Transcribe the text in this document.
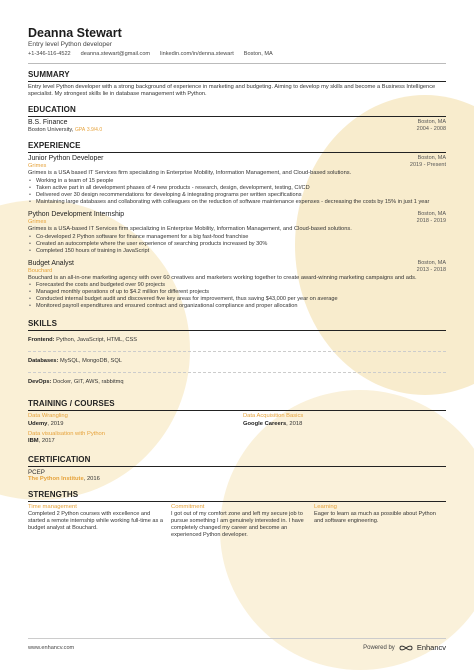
Deanna Stewart
Entry level Python developer
+1-346-116-4522 deanna.stewart@gmail.com linkedin.com/in/denna.stewart Boston, MA
SUMMARY
Entry level Python developer with a strong background of experience in marketing and budgeting. Aiming to develop my skills and become a Business Intelligence specialist. My strongest skills lie in database management with Python.
EDUCATION
B.S. Finance
Boston University, GPA 3.9/4.0
Boston, MA
2004 - 2008
EXPERIENCE
Junior Python Developer
Grimes
Boston, MA
2019 - Present
Grimes is a USA based IT Services firm specializing in Enterprise Mobility, Information Management, and Cloud-based solutions.
• Working in a team of 15 people
• Taken active part in all development phases of 4 new products - research, design, development, testing, CI/CD
• Delivered over 30 design recommendations for developing & integrating programs per written specifications
• Maintaining large databases and collaborating with colleagues on the reduction of software maintenance expenses - decreasing the costs by 15% in just 1 year
Python Development Internship
Grimes
Boston, MA
2018 - 2019
Grimes is a USA-based IT Services firm specializing in Enterprise Mobility, Information Management, and Cloud-based solutions.
• Co-developed 2 Python software for finance management for a big fast-food franchise
• Created an autocomplete where the user experience of searching products increased by 30%
• Completed 150 hours of training in JavaScript
Budget Analyst
Bouchard
Boston, MA
2013 - 2018
Bouchard is an all-in-one marketing agency with over 60 creatives and marketers working together to create award-winning marketing campaigns and ads.
• Forecasted the costs and budgeted over 90 projects
• Managed monthly operations of up to $4.2 million for different projects
• Conducted internal budget audit and discovered five key areas for improvement, thus saving $43,000 per year on average
• Monitored payroll expenditures and ensured contract and organizational compliance and proper allocation
SKILLS
Frontend: Python, JavaScript, HTML, CSS
Databases: MySQL, MongoDB, SQL
DevOps: Docker, GIT, AWS, rabbitmq
TRAINING / COURSES
Data Wrangling
Udemy, 2019
Data Acquisition Basics
Google Careers, 2018
Data visualisation with Python
IBM, 2017
CERTIFICATION
PCEP
The Python Institute, 2016
STRENGTHS
Time management
Completed 2 Python courses with excellence and started a remote internship while working full-time as a budget analyst at Bouchard.
Commitment
I got out of my comfort zone and left my secure job to pursue something I am genuinely interested in. I have completely changed my career and become an experienced Python developer.
Learning
Eager to learn as much as possible about Python and software engineering.
www.enhancv.com	Powered by	Enhancv
